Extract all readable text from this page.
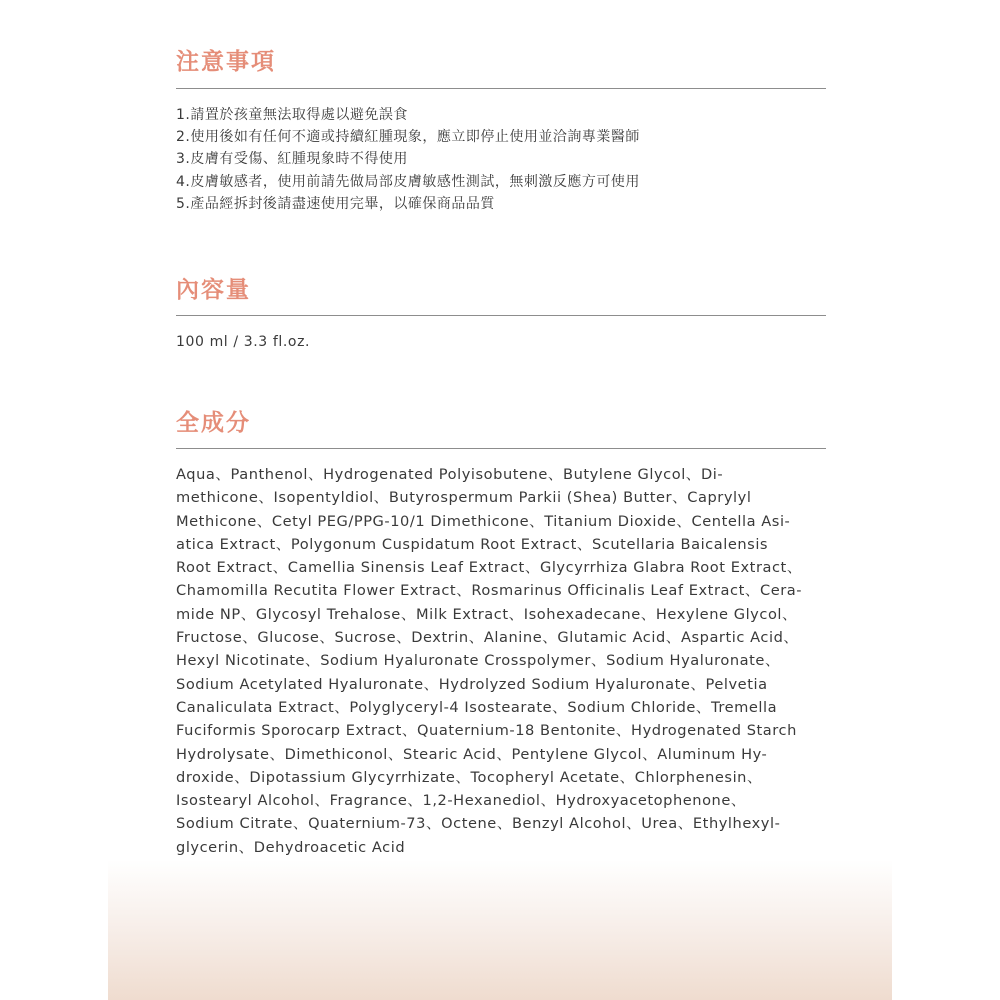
注意事項
1.請置於孩童無法取得處以避免誤食
2.使用後如有任何不適或持續紅腫現象，應立即停止使用並洽詢專業醫師
3.皮膚有受傷、紅腫現象時不得使用
4.皮膚敏感者，使用前請先做局部皮膚敏感性測試，無刺激反應方可使用
5.產品經拆封後請盡速使用完畢，以確保商品品質
內容量
100 ml / 3.3 fl.oz.
全成分

Aqua、Panthenol、Hydrogenated Polyisobutene、Butylene Glycol、Di-
methicone、Isopentyldiol、Butyrospermum Parkii (Shea) Butter、Caprylyl
Methicone、Cetyl PEG/PPG-10/1 Dimethicone、Titanium Dioxide、Centella Asi-
atica Extract、Polygonum Cuspidatum Root Extract、Scutellaria Baicalensis
Root Extract、Camellia Sinensis Leaf Extract、Glycyrrhiza Glabra Root Extract、
Chamomilla Recutita Flower Extract、Rosmarinus Officinalis Leaf Extract、Cera-
mide NP、Glycosyl Trehalose、Milk Extract、Isohexadecane、Hexylene Glycol、
Fructose、Glucose、Sucrose、Dextrin、Alanine、Glutamic Acid、Aspartic Acid、
Hexyl Nicotinate、Sodium Hyaluronate Crosspolymer、Sodium Hyaluronate、
Sodium Acetylated Hyaluronate、Hydrolyzed Sodium Hyaluronate、Pelvetia
Canaliculata Extract、Polyglyceryl-4 Isostearate、Sodium Chloride、Tremella
Fuciformis Sporocarp Extract、Quaternium-18 Bentonite、Hydrogenated Starch
Hydrolysate、Dimethiconol、Stearic Acid、Pentylene Glycol、Aluminum Hy-
droxide、Dipotassium Glycyrrhizate、Tocopheryl Acetate、Chlorphenesin、
Isostearyl Alcohol、Fragrance、1,2-Hexanediol、Hydroxyacetophenone、
Sodium Citrate、Quaternium-73、Octene、Benzyl Alcohol、Urea、Ethylhexyl-
glycerin、Dehydroacetic Acid
